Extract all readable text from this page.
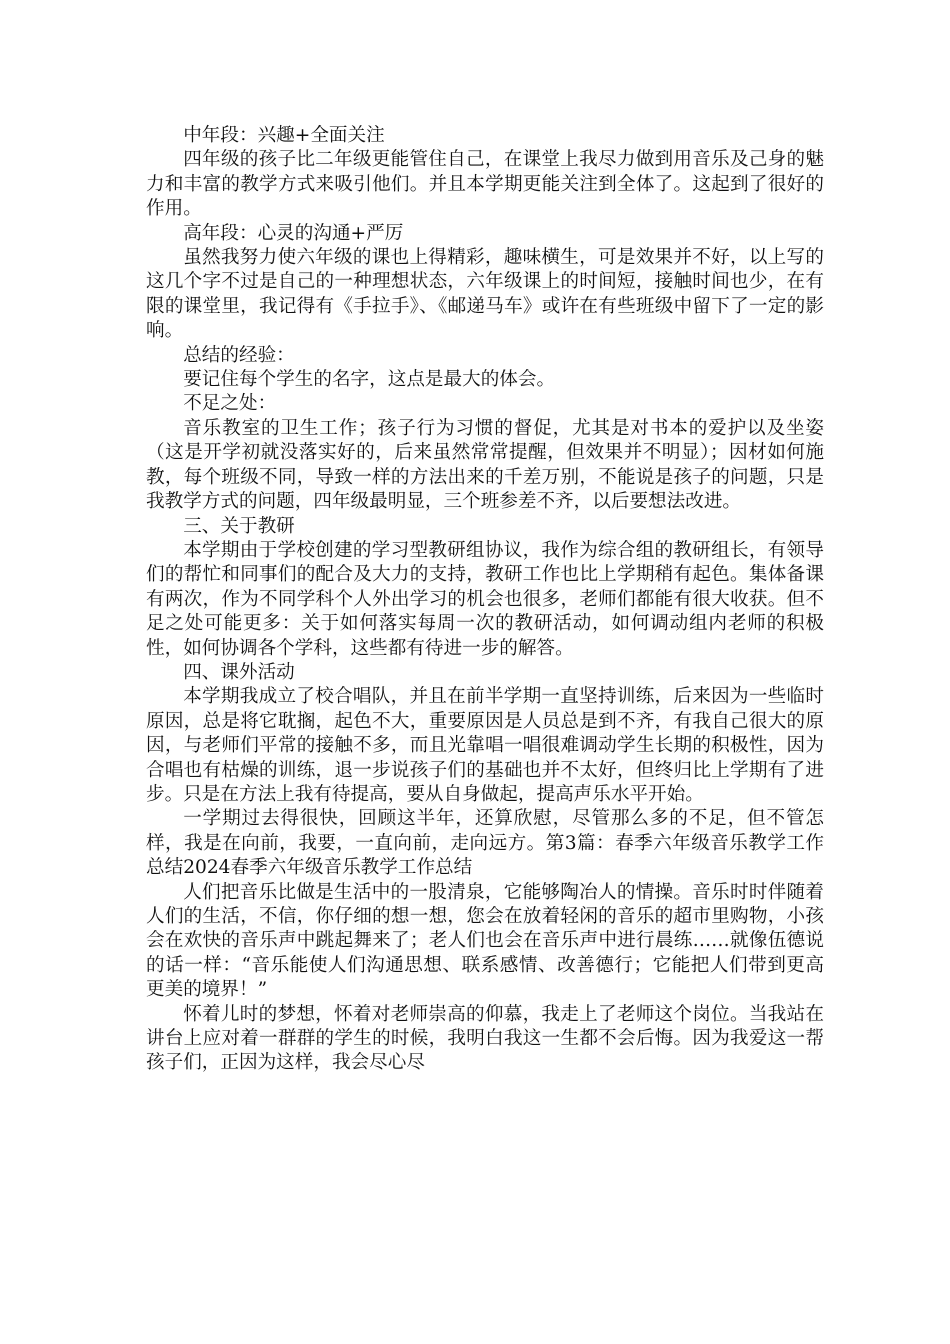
中年段：兴趣+全面关注

四年级的孩子比二年级更能管住自己，在课堂上我尽力做到用音乐及己身的魅力和丰富的教学方式来吸引他们。并且本学期更能关注到全体了。这起到了很好的作用。

高年段：心灵的沟通+严厉

虽然我努力使六年级的课也上得精彩，趣味横生，可是效果并不好，以上写的这几个字不过是自己的一种理想状态，六年级课上的时间短，接触时间也少，在有限的课堂里，我记得有《手拉手》、《邮递马车》或许在有些班级中留下了一定的影响。

总结的经验：

要记住每个学生的名字，这点是最大的体会。

不足之处：

音乐教室的卫生工作；孩子行为习惯的督促，尤其是对书本的爱护以及坐姿（这是开学初就没落实好的，后来虽然常常提醒，但效果并不明显）；因材如何施教，每个班级不同，导致一样的方法出来的千差万别，不能说是孩子的问题，只是我教学方式的问题，四年级最明显，三个班参差不齐，以后要想法改进。

三、关于教研

本学期由于学校创建的学习型教研组协议，我作为综合组的教研组长，有领导们的帮忙和同事们的配合及大力的支持，教研工作也比上学期稍有起色。集体备课有两次，作为不同学科个人外出学习的机会也很多，老师们都能有很大收获。但不足之处可能更多：关于如何落实每周一次的教研活动，如何调动组内老师的积极性，如何协调各个学科，这些都有待进一步的解答。

四、课外活动

本学期我成立了校合唱队，并且在前半学期一直坚持训练，后来因为一些临时原因，总是将它耽搁，起色不大，重要原因是人员总是到不齐，有我自己很大的原因，与老师们平常的接触不多，而且光靠唱一唱很难调动学生长期的积极性，因为合唱也有枯燥的训练，退一步说孩子们的基础也并不太好，但终归比上学期有了进步。只是在方法上我有待提高，要从自身做起，提高声乐水平开始。

一学期过去得很快，回顾这半年，还算欣慰，尽管那么多的不足，但不管怎样，我是在向前，我要，一直向前，走向远方。第3篇：春季六年级音乐教学工作总结2024春季六年级音乐教学工作总结

人们把音乐比做是生活中的一股清泉，它能够陶冶人的情操。音乐时时伴随着人们的生活，不信，你仔细的想一想，您会在放着轻闲的音乐的超市里购物，小孩会在欢快的音乐声中跳起舞来了；老人们也会在音乐声中进行晨练……就像伍德说的话一样：“音乐能使人们沟通思想、联系感情、改善德行；它能把人们带到更高更美的境界！”

怀着儿时的梦想，怀着对老师崇高的仰慕，我走上了老师这个岗位。当我站在讲台上应对着一群群的学生的时候，我明白我这一生都不会后悔。因为我爱这一帮孩子们，正因为这样，我会尽心尽
